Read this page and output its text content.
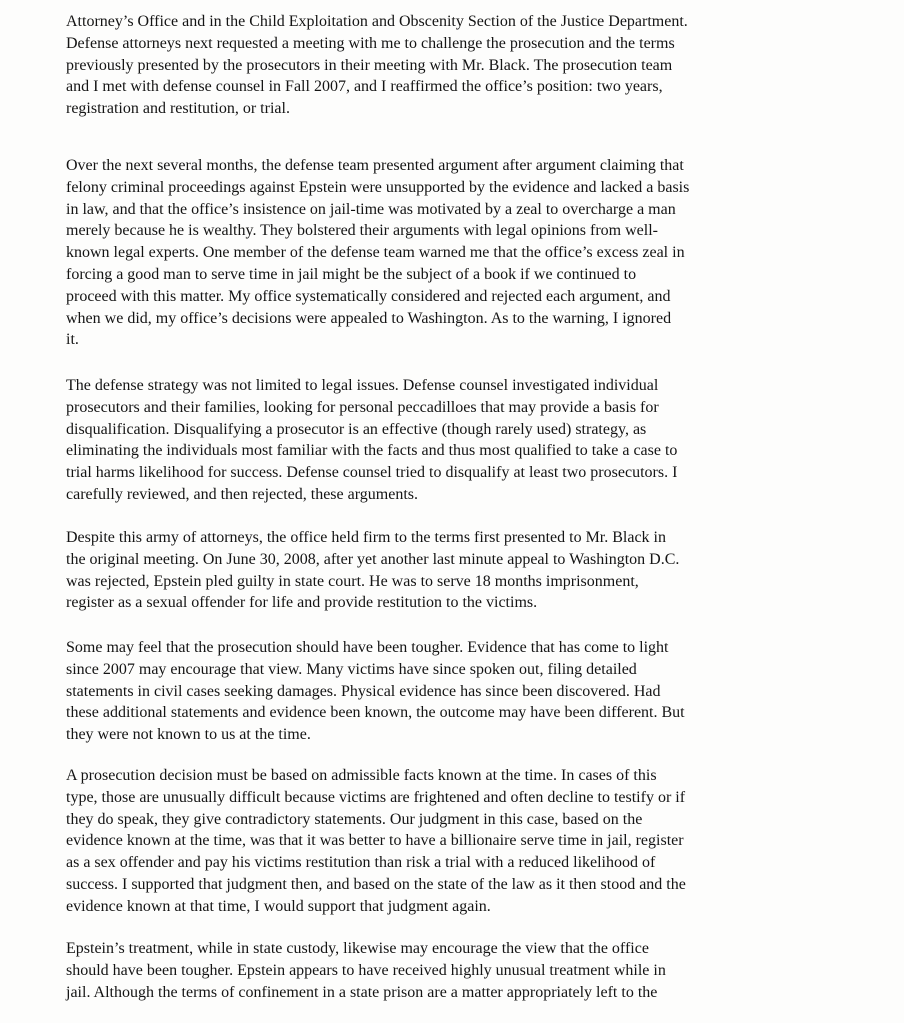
Attorney’s Office and in the Child Exploitation and Obscenity Section of the Justice Department.
Defense attorneys next requested a meeting with me to challenge the prosecution and the terms
previously presented by the prosecutors in their meeting with Mr. Black. The prosecution team
and I met with defense counsel in Fall 2007, and I reaffirmed the office’s position: two years,
registration and restitution, or trial.
Over the next several months, the defense team presented argument after argument claiming that
felony criminal proceedings against Epstein were unsupported by the evidence and lacked a basis
in law, and that the office’s insistence on jail-time was motivated by a zeal to overcharge a man
merely because he is wealthy. They bolstered their arguments with legal opinions from well-
known legal experts. One member of the defense team warned me that the office’s excess zeal in
forcing a good man to serve time in jail might be the subject of a book if we continued to
proceed with this matter. My office systematically considered and rejected each argument, and
when we did, my office’s decisions were appealed to Washington. As to the warning, I ignored
it.
The defense strategy was not limited to legal issues. Defense counsel investigated individual
prosecutors and their families, looking for personal peccadilloes that may provide a basis for
disqualification. Disqualifying a prosecutor is an effective (though rarely used) strategy, as
eliminating the individuals most familiar with the facts and thus most qualified to take a case to
trial harms likelihood for success. Defense counsel tried to disqualify at least two prosecutors. I
carefully reviewed, and then rejected, these arguments.
Despite this army of attorneys, the office held firm to the terms first presented to Mr. Black in
the original meeting. On June 30, 2008, after yet another last minute appeal to Washington D.C.
was rejected, Epstein pled guilty in state court. He was to serve 18 months imprisonment,
register as a sexual offender for life and provide restitution to the victims.
Some may feel that the prosecution should have been tougher. Evidence that has come to light
since 2007 may encourage that view. Many victims have since spoken out, filing detailed
statements in civil cases seeking damages. Physical evidence has since been discovered. Had
these additional statements and evidence been known, the outcome may have been different. But
they were not known to us at the time.
A prosecution decision must be based on admissible facts known at the time. In cases of this
type, those are unusually difficult because victims are frightened and often decline to testify or if
they do speak, they give contradictory statements. Our judgment in this case, based on the
evidence known at the time, was that it was better to have a billionaire serve time in jail, register
as a sex offender and pay his victims restitution than risk a trial with a reduced likelihood of
success. I supported that judgment then, and based on the state of the law as it then stood and the
evidence known at that time, I would support that judgment again.
Epstein’s treatment, while in state custody, likewise may encourage the view that the office
should have been tougher. Epstein appears to have received highly unusual treatment while in
jail. Although the terms of confinement in a state prison are a matter appropriately left to the
